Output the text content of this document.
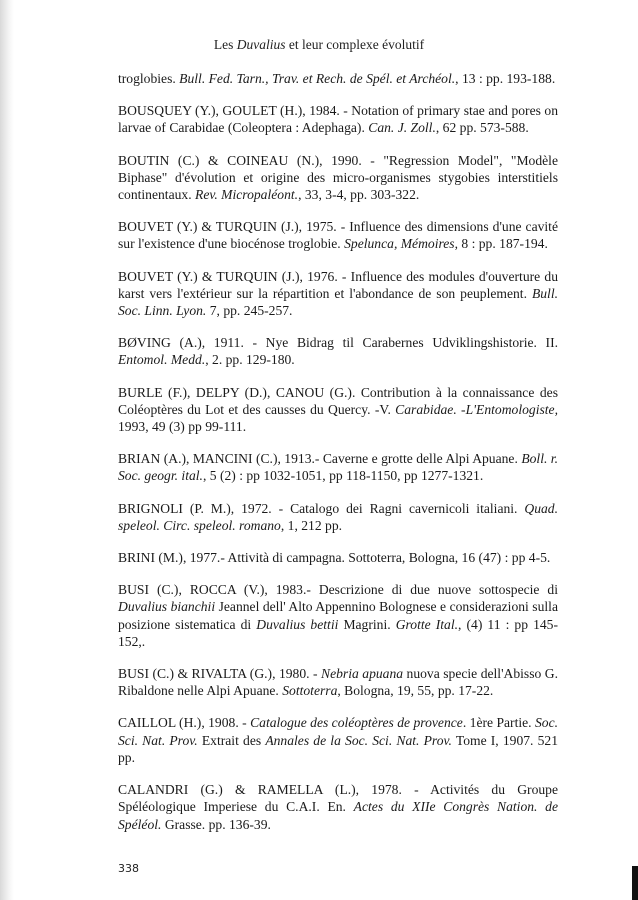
Les Duvalius et leur complexe évolutif

troglobies. Bull. Fed. Tarn., Trav. et Rech. de Spél. et Archéol., 13 : pp. 193-188.

BOUSQUEY (Y.), GOULET (H.), 1984. - Notation of primary stae and pores on larvae of Carabidae (Coleoptera : Adephaga). Can. J. Zoll., 62 pp. 573-588.

BOUTIN (C.) & COINEAU (N.), 1990. - "Regression Model", "Modèle Biphase" d'évolution et origine des micro-organismes stygobies interstitiels continentaux. Rev. Micropaléont., 33, 3-4, pp. 303-322.

BOUVET (Y.) & TURQUIN (J.), 1975. - Influence des dimensions d'une cavité sur l'existence d'une biocénose troglobie. Spelunca, Mémoires, 8 : pp. 187-194.

BOUVET (Y.) & TURQUIN (J.), 1976. - Influence des modules d'ouverture du karst vers l'extérieur sur la répartition et l'abondance de son peuplement. Bull. Soc. Linn. Lyon. 7, pp. 245-257.

BØVING (A.), 1911. - Nye Bidrag til Carabernes Udviklingshistorie. II. Entomol. Medd., 2. pp. 129-180.

BURLE (F.), DELPY (D.), CANOU (G.). Contribution à la connaissance des Coléoptères du Lot et des causses du Quercy. -V. Carabidae. -L'Entomologiste, 1993, 49 (3) pp 99-111.

BRIAN (A.), MANCINI (C.), 1913.- Caverne e grotte delle Alpi Apuane. Boll. r. Soc. geogr. ital., 5 (2) : pp 1032-1051, pp 118-1150, pp 1277-1321.

BRIGNOLI (P. M.), 1972. - Catalogo dei Ragni cavernicoli italiani. Quad. speleol. Circ. speleol. romano, 1, 212 pp.

BRINI (M.), 1977.- Attività di campagna. Sottoterra, Bologna, 16 (47) : pp 4-5.

BUSI (C.), ROCCA (V.), 1983.- Descrizione di due nuove sottospecie di Duvalius bianchii Jeannel dell' Alto Appennino Bolognese e considerazioni sulla posizione sistematica di Duvalius bettii Magrini. Grotte Ital., (4) 11 : pp 145-152,.

BUSI (C.) & RIVALTA (G.), 1980. - Nebria apuana nuova specie dell'Abisso G. Ribaldone nelle Alpi Apuane. Sottoterra, Bologna, 19, 55, pp. 17-22.

CAILLOL (H.), 1908. - Catalogue des coléoptères de provence. 1ère Partie. Soc. Sci. Nat. Prov. Extrait des Annales de la Soc. Sci. Nat. Prov. Tome I, 1907. 521 pp.

CALANDRI (G.) & RAMELLA (L.), 1978. - Activités du Groupe Spéléologique Imperiese du C.A.I. En. Actes du XIIe Congrès Nation. de Spéléol. Grasse. pp. 136-39.

338
